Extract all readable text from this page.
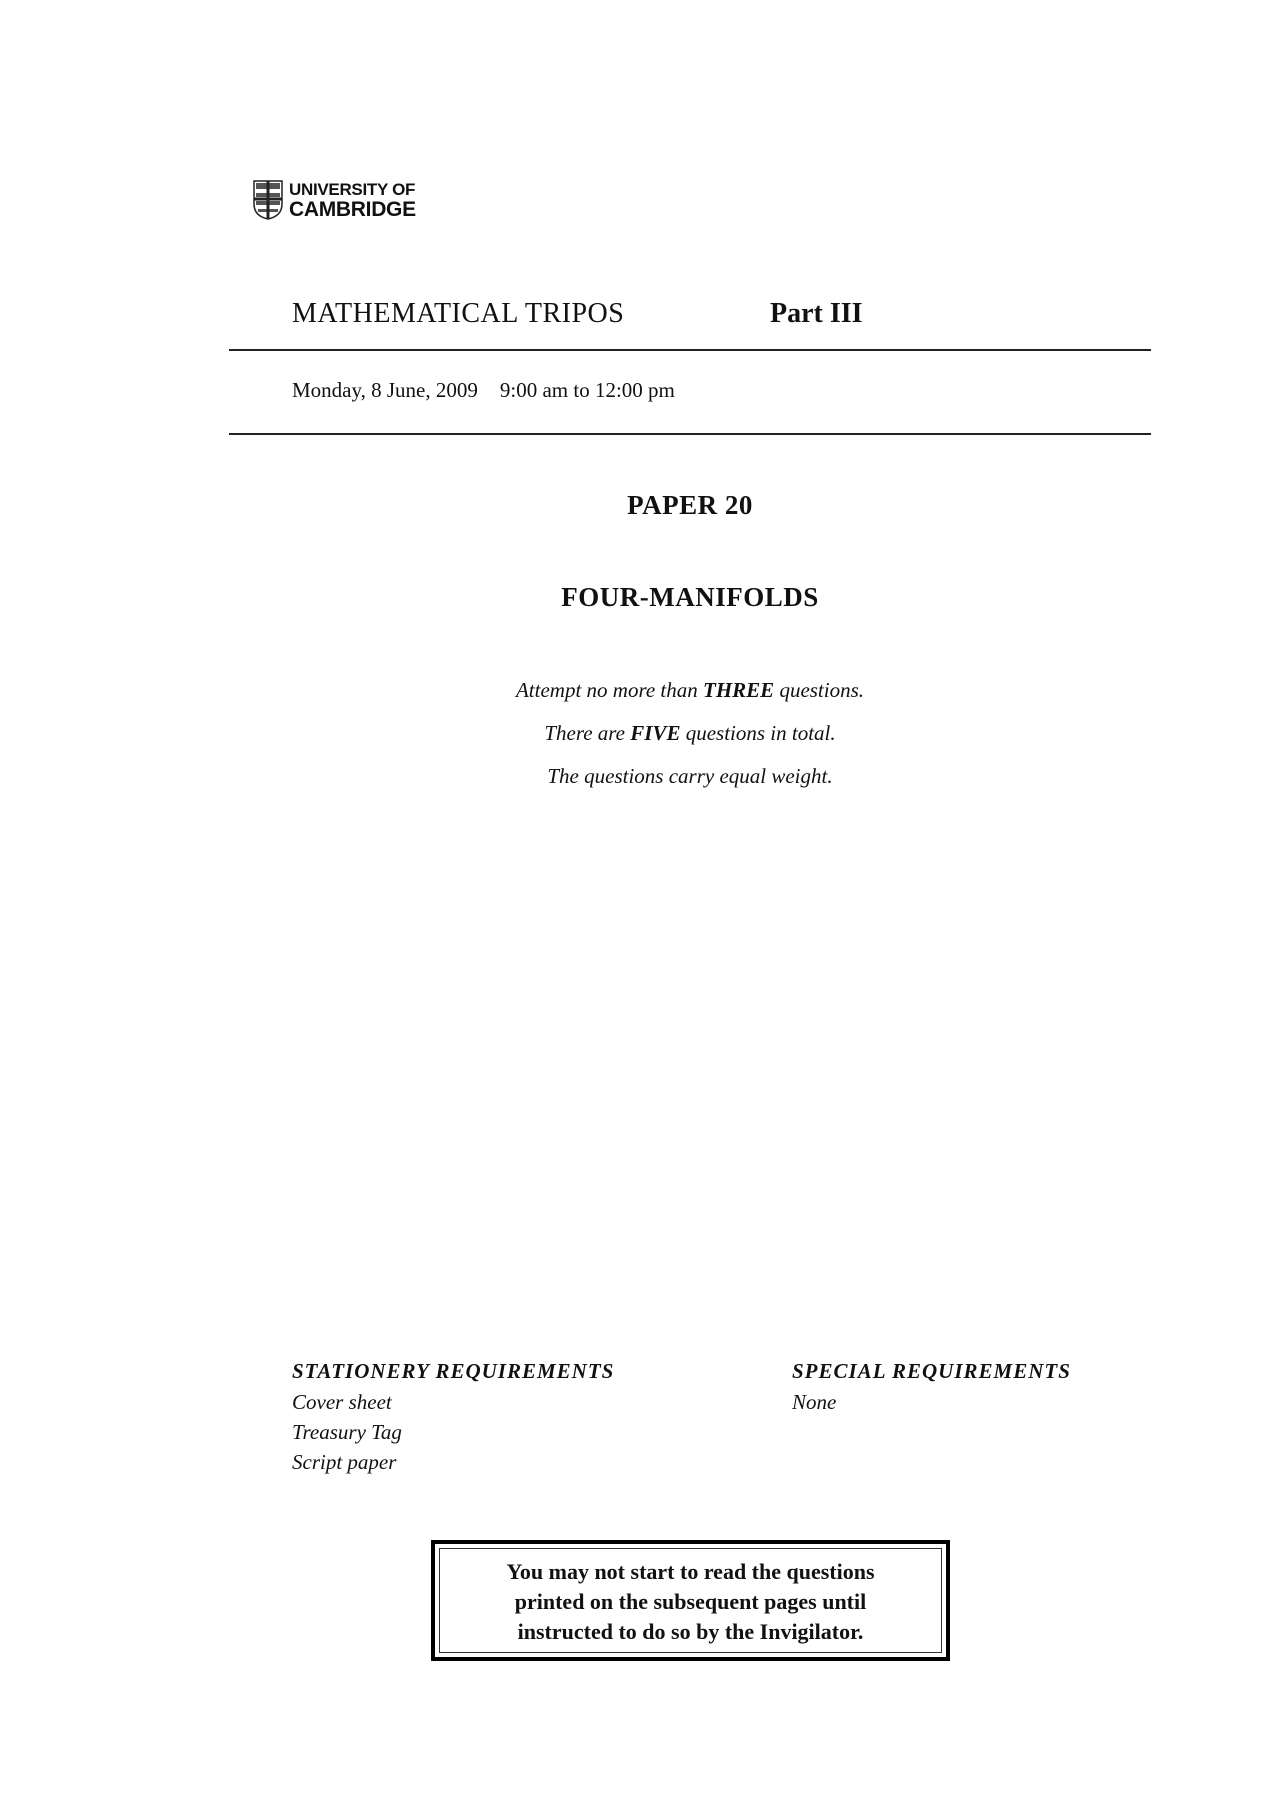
UNIVERSITY OF
CAMBRIDGE
MATHEMATICAL TRIPOS	Part III
Monday, 8 June, 2009 9:00 am to 12:00 pm
PAPER 20
FOUR-MANIFOLDS
Attempt no more than THREE questions.
There are FIVE questions in total.
The questions carry equal weight.
STATIONERY REQUIREMENTS
Cover sheet
Treasury Tag
Script paper
SPECIAL REQUIREMENTS
None
You may not start to read the questions
printed on the subsequent pages until
instructed to do so by the Invigilator.
